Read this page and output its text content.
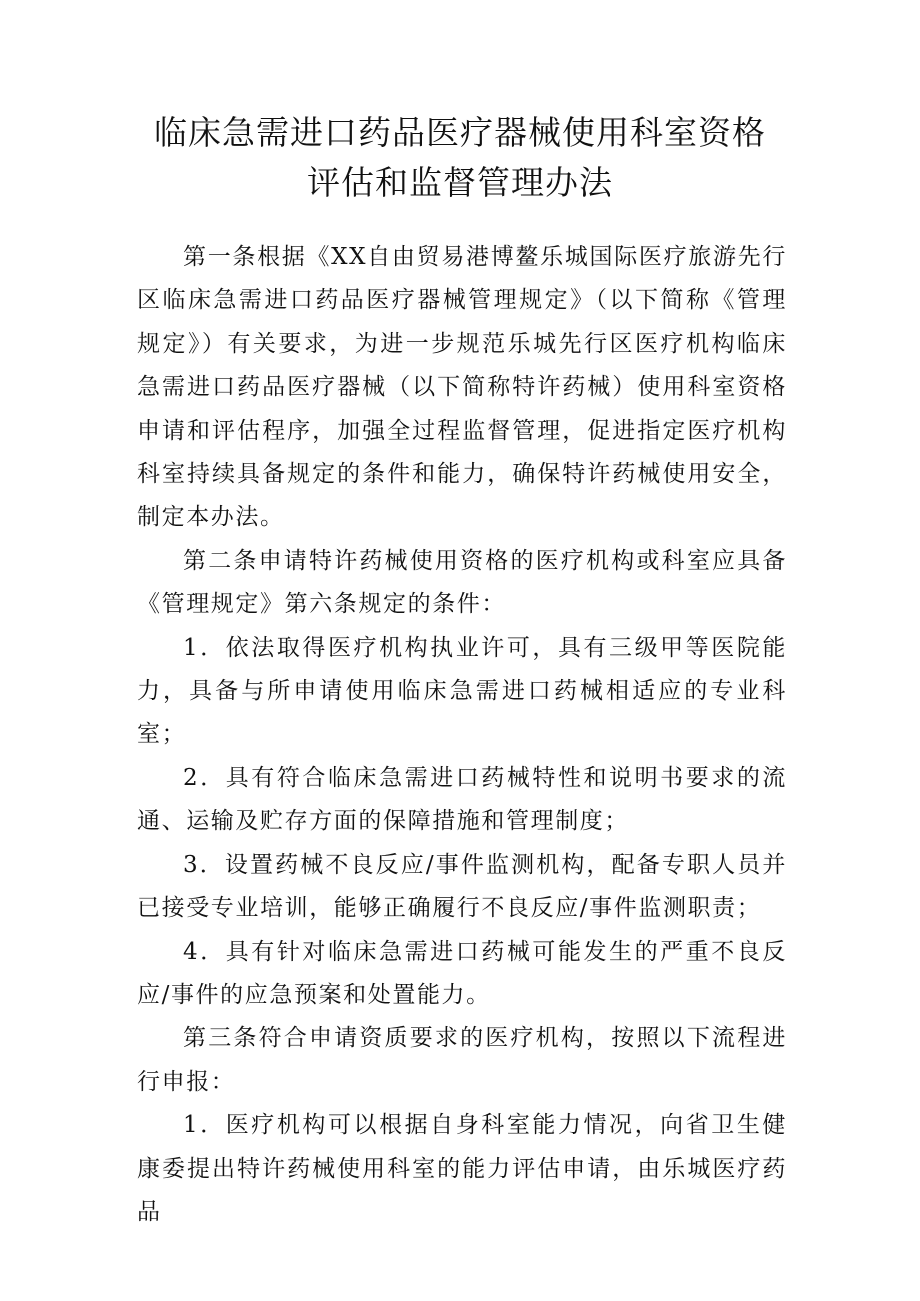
临床急需进口药品医疗器械使用科室资格
评估和监督管理办法

第一条根据《XX自由贸易港博鳌乐城国际医疗旅游先行区临床急需进口药品医疗器械管理规定》（以下简称《管理规定》）有关要求，为进一步规范乐城先行区医疗机构临床急需进口药品医疗器械（以下简称特许药械）使用科室资格申请和评估程序，加强全过程监督管理，促进指定医疗机构科室持续具备规定的条件和能力，确保特许药械使用安全，制定本办法。

第二条申请特许药械使用资格的医疗机构或科室应具备《管理规定》第六条规定的条件：

1．依法取得医疗机构执业许可，具有三级甲等医院能力，具备与所申请使用临床急需进口药械相适应的专业科室；

2．具有符合临床急需进口药械特性和说明书要求的流通、运输及贮存方面的保障措施和管理制度；

3．设置药械不良反应/事件监测机构，配备专职人员并已接受专业培训，能够正确履行不良反应/事件监测职责；

4．具有针对临床急需进口药械可能发生的严重不良反应/事件的应急预案和处置能力。

第三条符合申请资质要求的医疗机构，按照以下流程进行申报：

1．医疗机构可以根据自身科室能力情况，向省卫生健康委提出特许药械使用科室的能力评估申请，由乐城医疗药品
